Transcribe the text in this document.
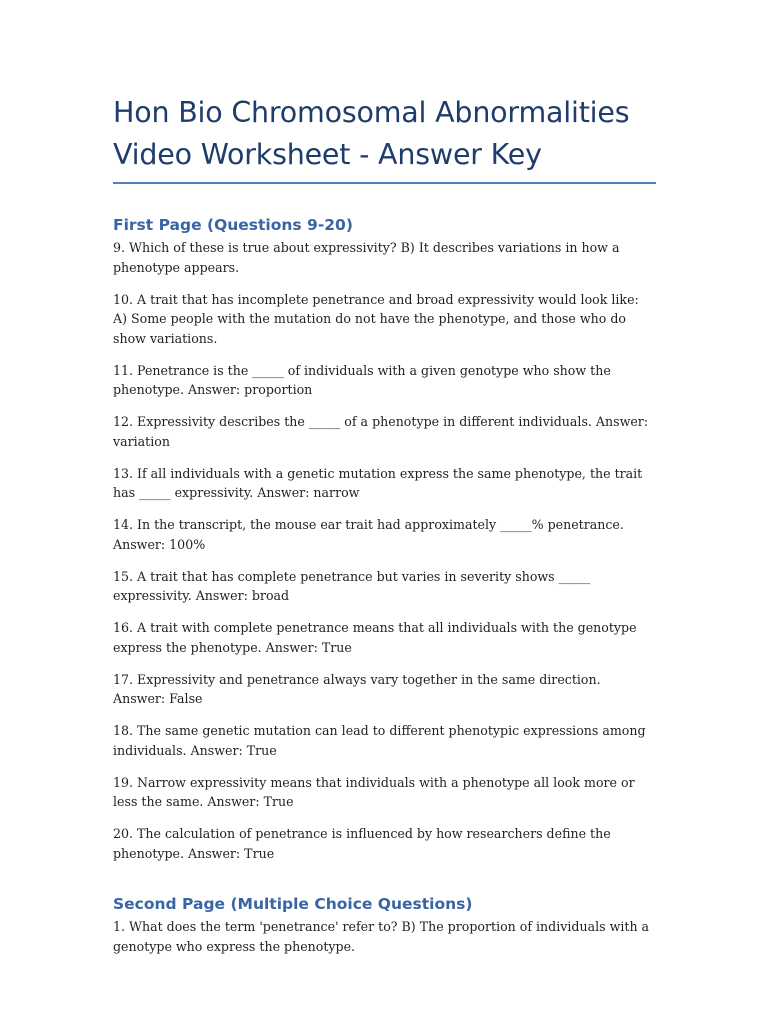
Hon Bio Chromosomal Abnormalities Video Worksheet - Answer Key
First Page (Questions 9-20)

9. Which of these is true about expressivity? B) It describes variations in how a phenotype appears.

10. A trait that has incomplete penetrance and broad expressivity would look like: A) Some people with the mutation do not have the phenotype, and those who do show variations.

11. Penetrance is the _____ of individuals with a given genotype who show the phenotype. Answer: proportion

12. Expressivity describes the _____ of a phenotype in different individuals. Answer: variation

13. If all individuals with a genetic mutation express the same phenotype, the trait has _____ expressivity. Answer: narrow

14. In the transcript, the mouse ear trait had approximately _____% penetrance. Answer: 100%

15. A trait that has complete penetrance but varies in severity shows _____ expressivity. Answer: broad

16. A trait with complete penetrance means that all individuals with the genotype express the phenotype. Answer: True

17. Expressivity and penetrance always vary together in the same direction. Answer: False

18. The same genetic mutation can lead to different phenotypic expressions among individuals. Answer: True

19. Narrow expressivity means that individuals with a phenotype all look more or less the same. Answer: True

20. The calculation of penetrance is influenced by how researchers define the phenotype. Answer: True

Second Page (Multiple Choice Questions)

1. What does the term 'penetrance' refer to? B) The proportion of individuals with a genotype who express the phenotype.
